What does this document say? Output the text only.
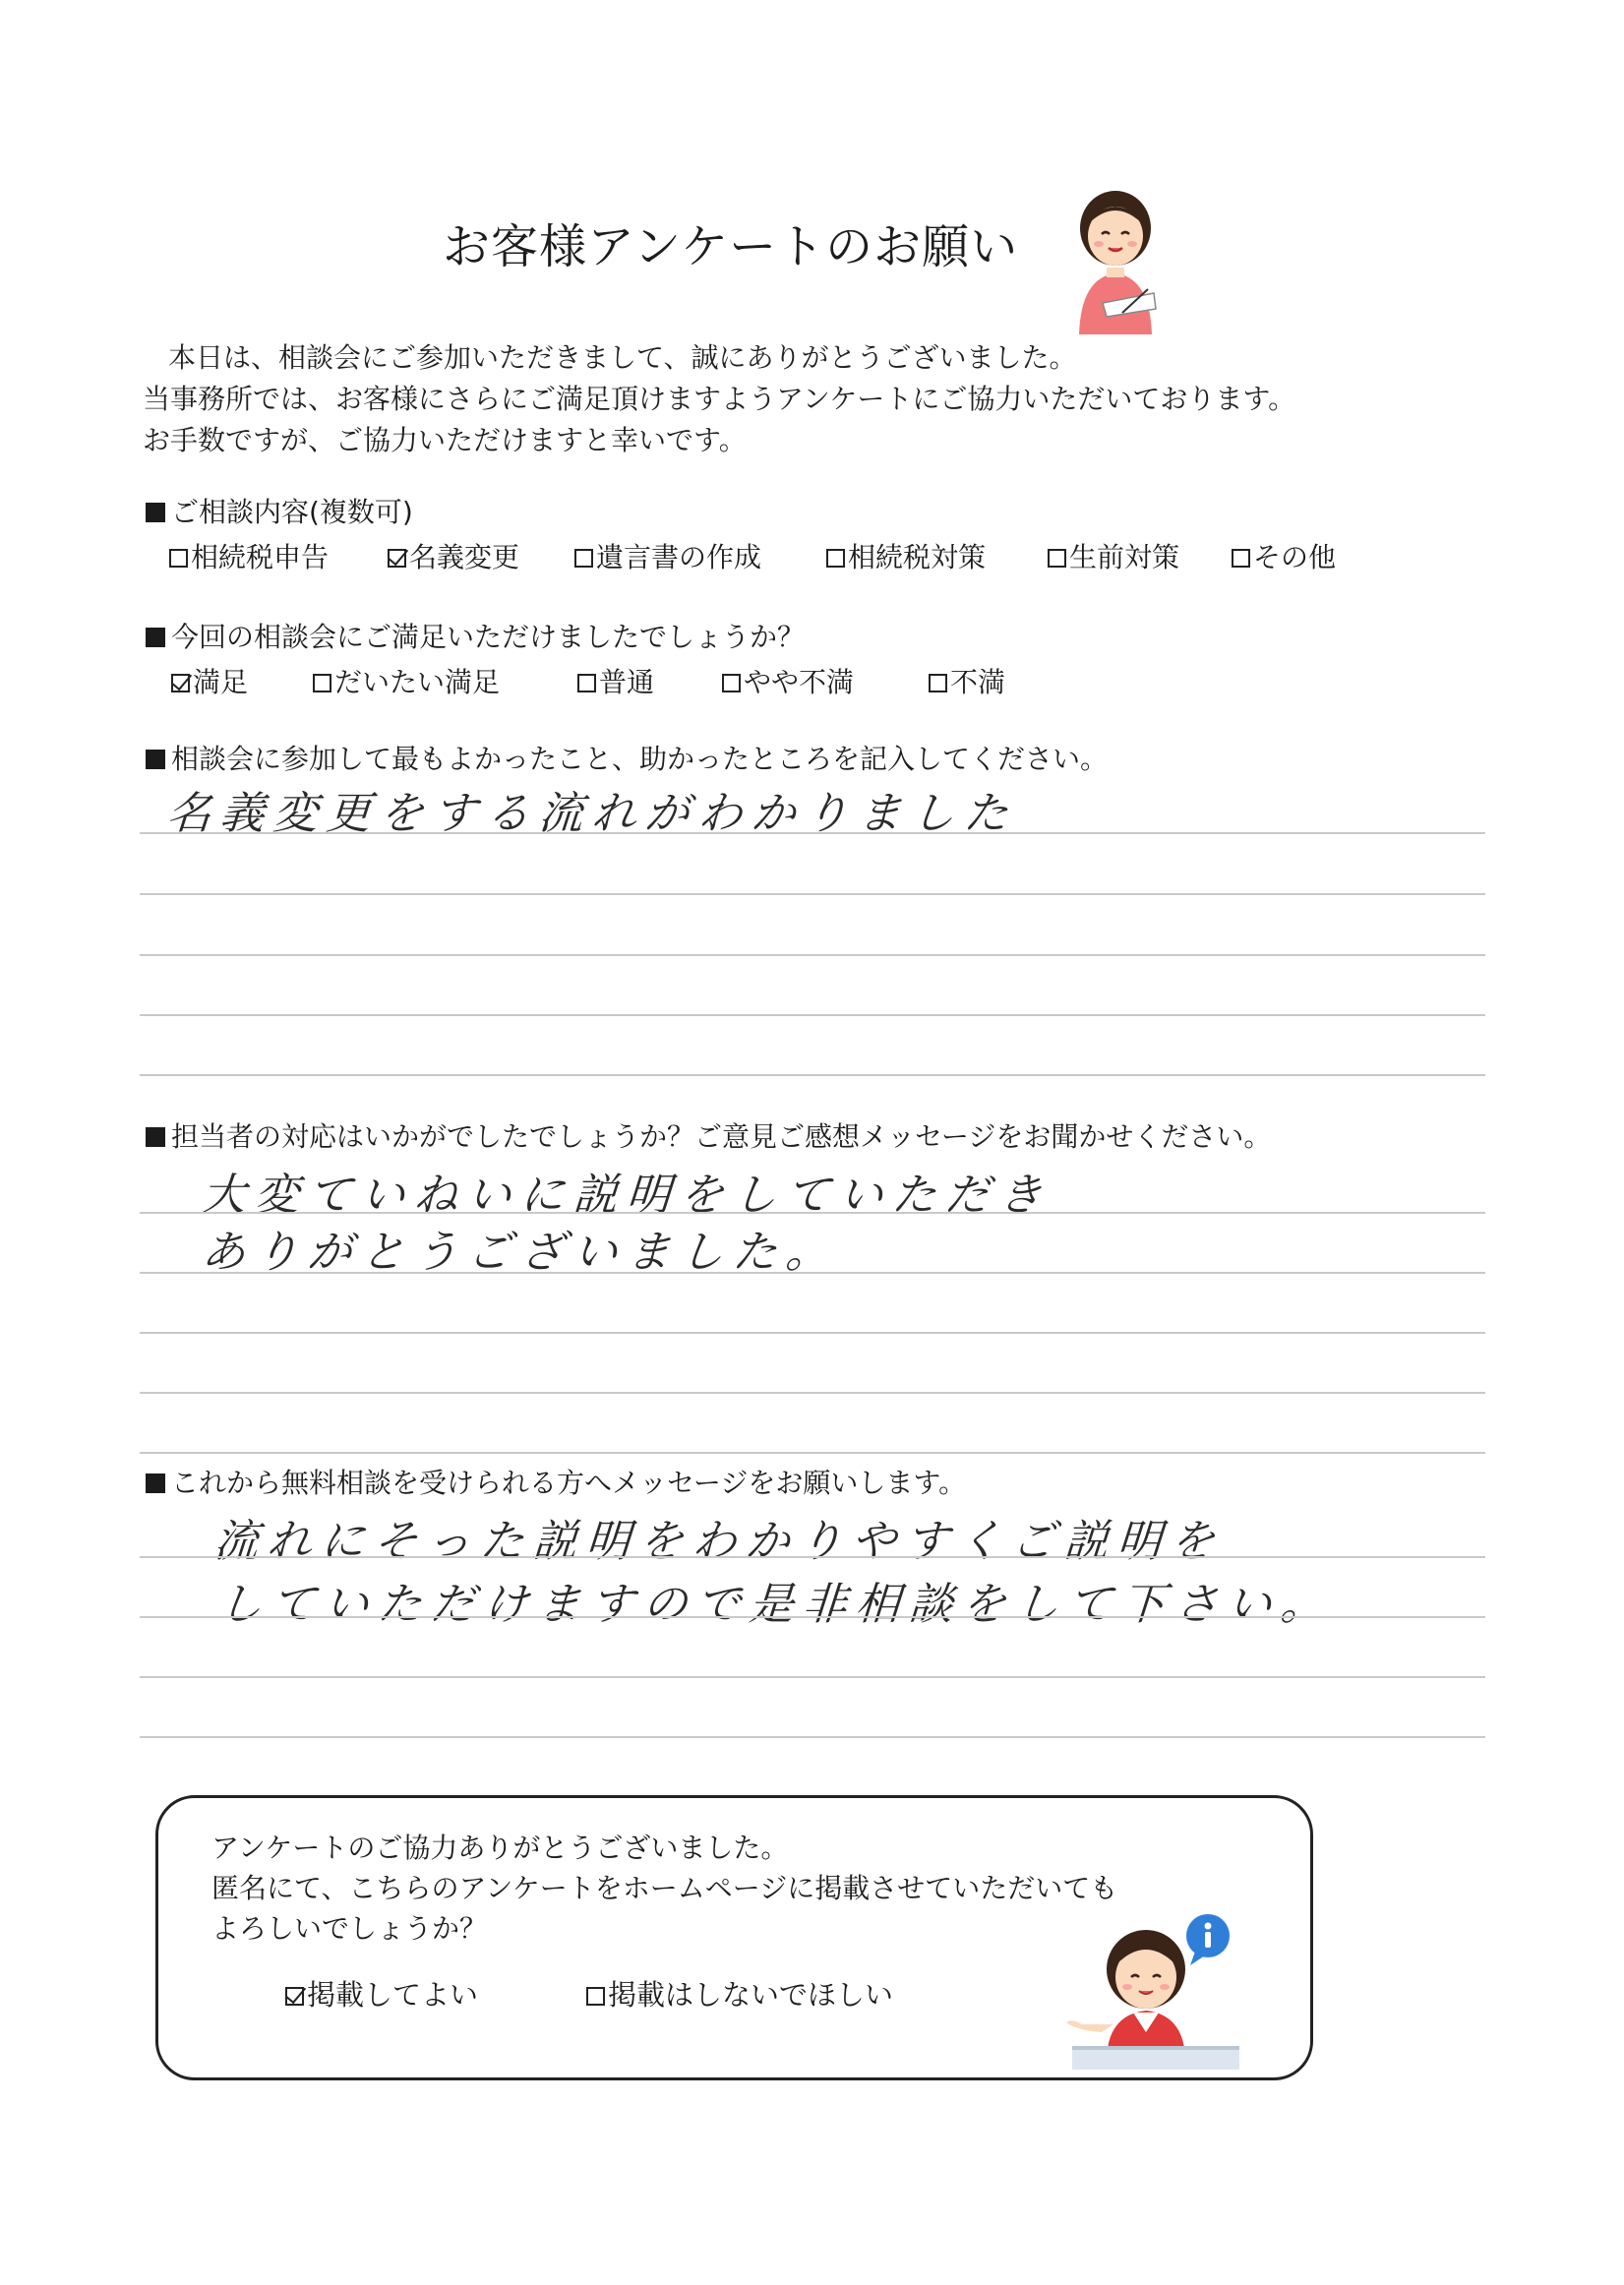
お客様アンケートのお願い
本日は、相談会にご参加いただきまして、誠にありがとうございました。
当事務所では、お客様にさらにご満足頂けますようアンケートにご協力いただいております。
お手数ですが、ご協力いただけますと幸いです。
ご相談内容(複数可)
相続税申告	名義変更	遺言書の作成	相続税対策	生前対策	その他
今回の相談会にご満足いただけましたでしょうか？
満足	だいたい満足	普通	やや不満	不満
相談会に参加して最もよかったこと、助かったところを記入してください。
名義変更をする流れがわかりました
担当者の対応はいかがでしたでしょうか？ご意見ご感想メッセージをお聞かせください。
大変ていねいに説明をしていただき
ありがとうございました。
これから無料相談を受けられる方へメッセージをお願いします。
流れにそった説明をわかりやすくご説明を
していただけますので是非相談をして下さい。
アンケートのご協力ありがとうございました。
匿名にて、こちらのアンケートをホームページに掲載させていただいても
よろしいでしょうか？
掲載してよい	掲載はしないでほしい
